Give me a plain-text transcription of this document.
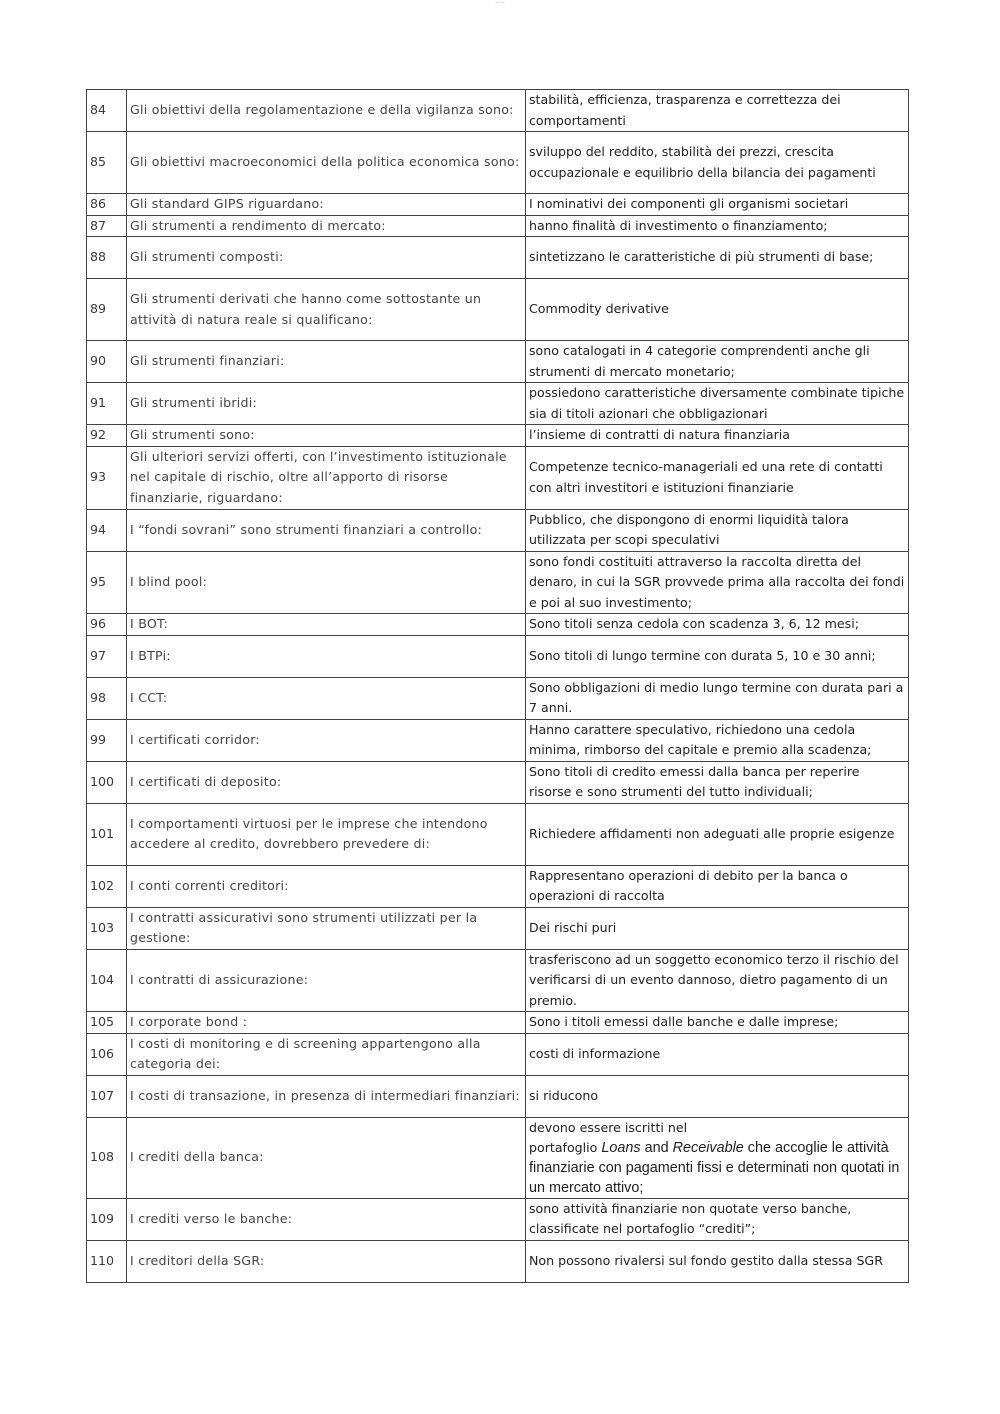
— —
84	Gli obiettivi della regolamentazione e della vigilanza sono:	stabilità, efficienza, trasparenza e correttezza dei comportamenti
85	Gli obiettivi macroeconomici della politica economica sono:	sviluppo del reddito, stabilità dei prezzi, crescita occupazionale e equilibrio della bilancia dei pagamenti
86	Gli standard GIPS riguardano:	I nominativi dei componenti gli organismi societari
87	Gli strumenti a rendimento di mercato:	hanno finalità di investimento o finanziamento;
88	Gli strumenti composti:	sintetizzano le caratteristiche di più strumenti di base;
89	Gli strumenti derivati che hanno come sottostante un attività di natura reale si qualificano:	Commodity derivative
90	Gli strumenti finanziari:	sono catalogati in 4 categorie comprendenti anche gli strumenti di mercato monetario;
91	Gli strumenti ibridi:	possiedono caratteristiche diversamente combinate tipiche sia di titoli azionari che obbligazionari
92	Gli strumenti sono:	l’insieme di contratti di natura finanziaria
93	Gli ulteriori servizi offerti, con l’investimento istituzionale nel capitale di rischio, oltre all’apporto di risorse finanziarie, riguardano:	Competenze tecnico-manageriali ed una rete di contatti con altri investitori e istituzioni finanziarie
94	I “fondi sovrani” sono strumenti finanziari a controllo:	Pubblico, che dispongono di enormi liquidità talora utilizzata per scopi speculativi
95	I blind pool:	sono fondi costituiti attraverso la raccolta diretta del denaro, in cui la SGR provvede prima alla raccolta dei fondi e poi al suo investimento;
96	I BOT:	Sono titoli senza cedola con scadenza 3, 6, 12 mesi;
97	I BTPi:	Sono titoli di lungo termine con durata 5, 10 e 30 anni;
98	I CCT:	Sono obbligazioni di medio lungo termine con durata pari a 7 anni.
99	I certificati corridor:	Hanno carattere speculativo, richiedono una cedola minima, rimborso del capitale e premio alla scadenza;
100	I certificati di deposito:	Sono titoli di credito emessi dalla banca per reperire risorse e sono strumenti del tutto individuali;
101	I comportamenti virtuosi per le imprese che intendono accedere al credito, dovrebbero prevedere di:	Richiedere affidamenti non adeguati alle proprie esigenze
102	I conti correnti creditori:	Rappresentano operazioni di debito per la banca o operazioni di raccolta
103	I contratti assicurativi sono strumenti utilizzati per la gestione:	Dei rischi puri
104	I contratti di assicurazione:	trasferiscono ad un soggetto economico terzo il rischio del verificarsi di un evento dannoso, dietro pagamento di un premio.
105	I corporate bond :	Sono i titoli emessi dalle banche e dalle imprese;
106	I costi di monitoring e di screening appartengono alla categoria dei:	costi di informazione
107	I costi di transazione, in presenza di intermediari finanziari:	si riducono
108	I crediti della banca:	devono essere iscritti nel
portafoglio Loans and Receivable che accoglie le attività finanziarie con pagamenti fissi e determinati non quotati in un mercato attivo;
109	I crediti verso le banche:	sono attività finanziarie non quotate verso banche, classificate nel portafoglio “crediti”;
110	I creditori della SGR:	Non possono rivalersi sul fondo gestito dalla stessa SGR
